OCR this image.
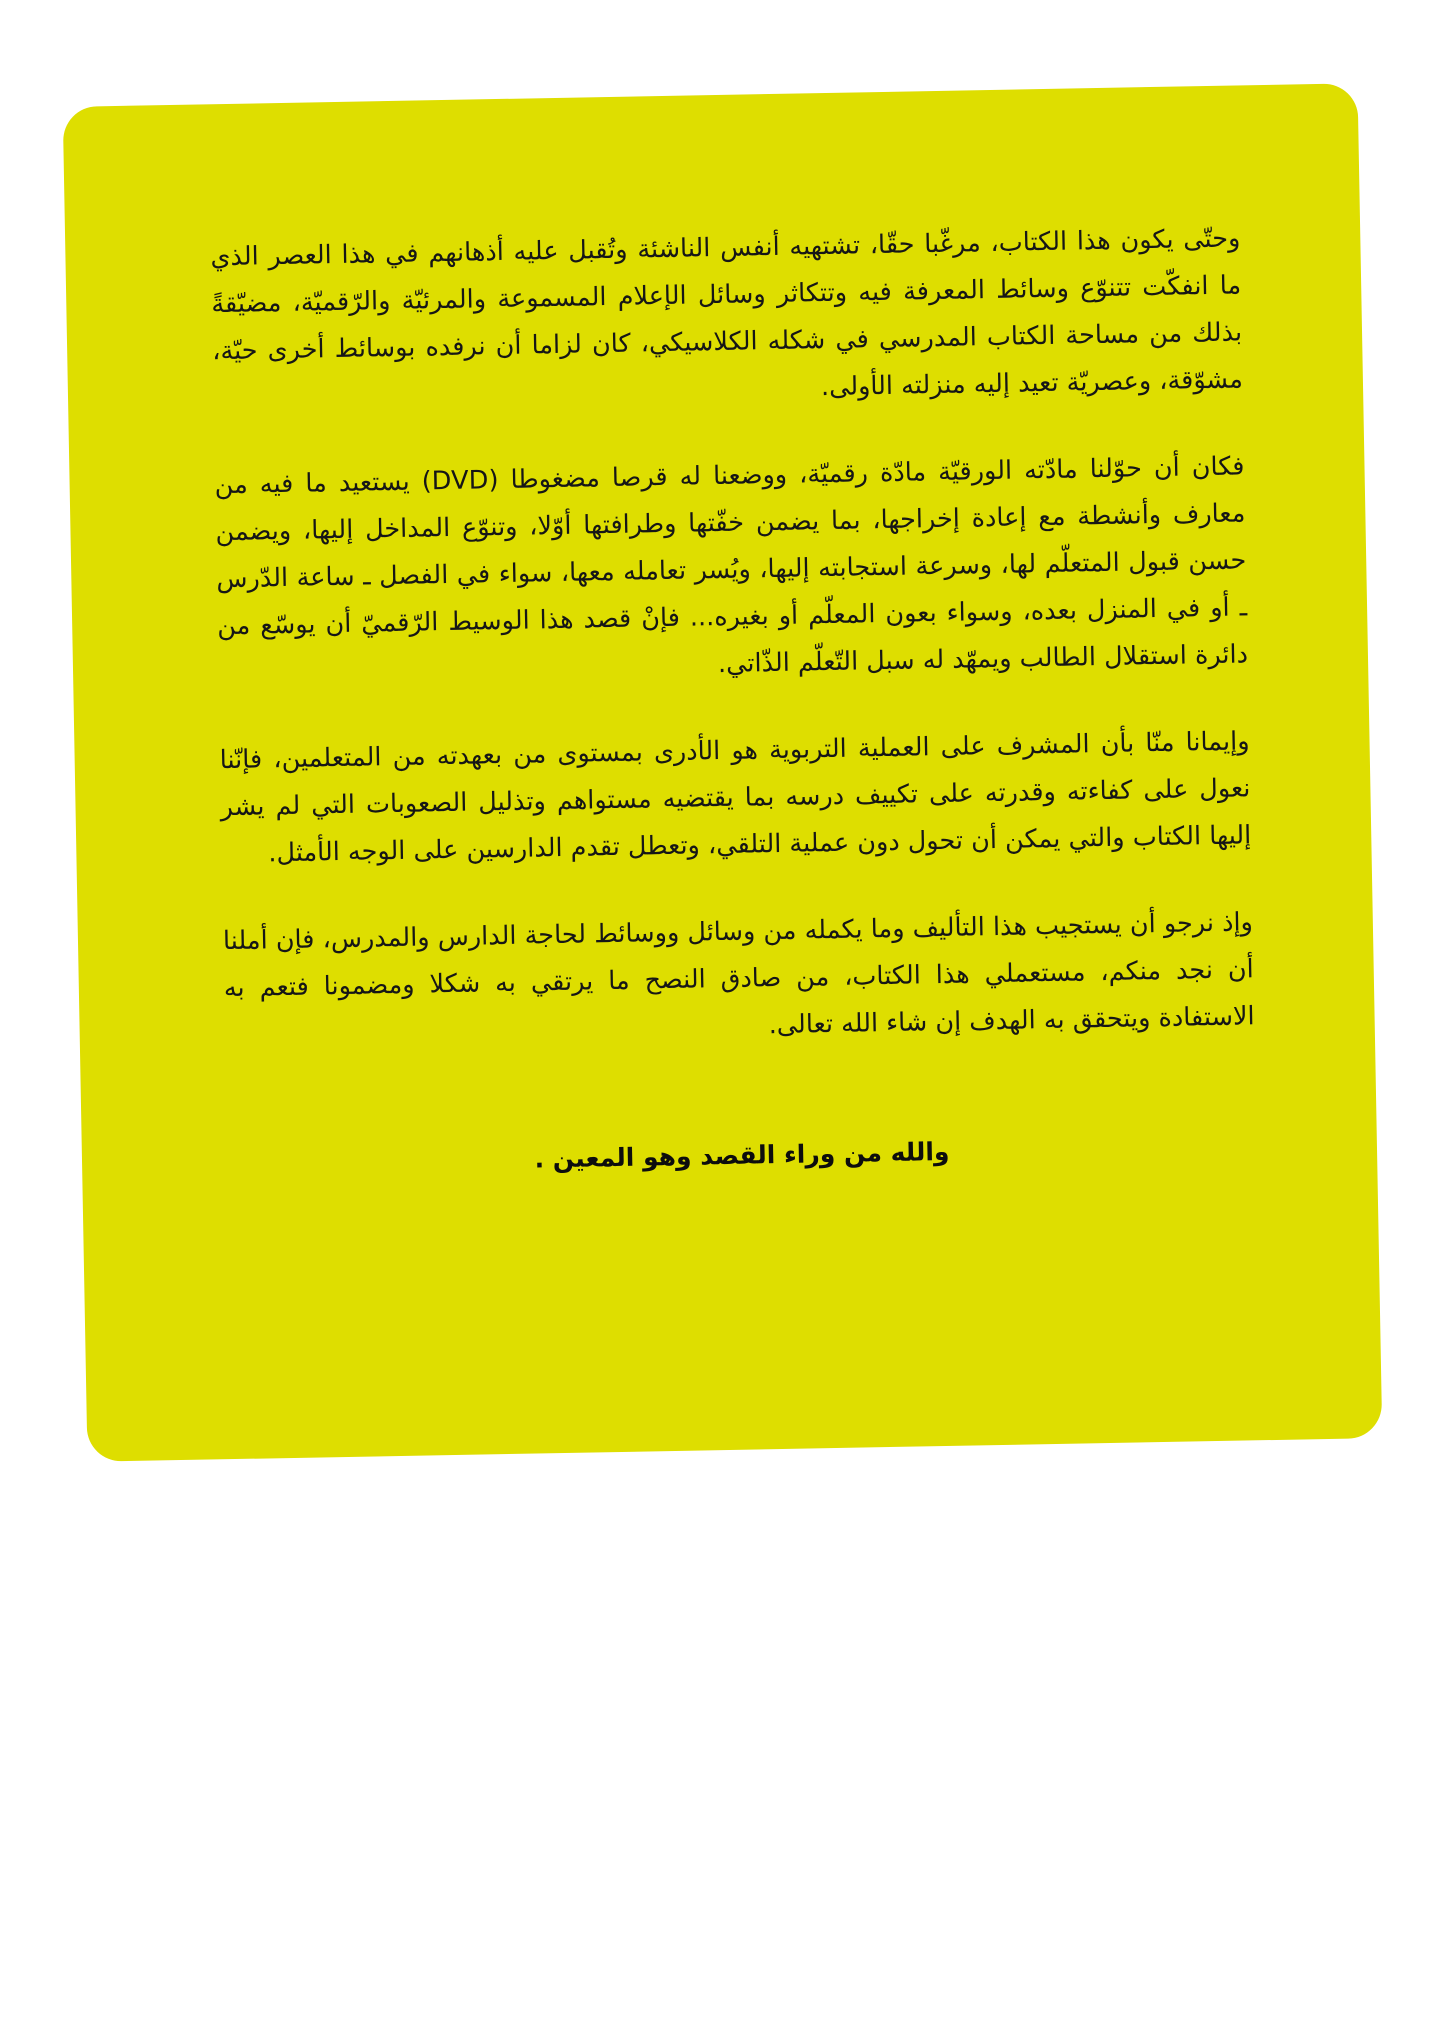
وحتّى يكون هذا الكتاب، مرغّبا حقّا، تشتهيه أنفس الناشئة وتُقبل عليه أذهانهم في هذا العصر الذي ما انفكّت تتنوّع وسائط المعرفة فيه وتتكاثر وسائل الإعلام المسموعة والمرئيّة والرّقميّة، مضيّقةً بذلك من مساحة الكتاب المدرسي في شكله الكلاسيكي، كان لزاما أن نرفده بوسائط أخرى حيّة، مشوّقة، وعصريّة تعيد إليه منزلته الأولى.

فكان أن حوّلنا مادّته الورقيّة مادّة رقميّة، ووضعنا له قرصا مضغوطا (DVD) يستعيد ما فيه من معارف وأنشطة مع إعادة إخراجها، بما يضمن خفّتها وطرافتها أوّلا، وتنوّع المداخل إليها، ويضمن حسن قبول المتعلّم لها، وسرعة استجابته إليها، ويُسر تعامله معها، سواء في الفصل ـ ساعة الدّرس ـ أو في المنزل بعده، وسواء بعون المعلّم أو بغيره... فإنْ قصد هذا الوسيط الرّقميّ أن يوسّع من دائرة استقلال الطالب ويمهّد له سبل التّعلّم الذّاتي.

وإيمانا منّا بأن المشرف على العملية التربوية هو الأدرى بمستوى من بعهدته من المتعلمين، فإنّنا نعول على كفاءته وقدرته على تكييف درسه بما يقتضيه مستواهم وتذليل الصعوبات التي لم يشر إليها الكتاب والتي يمكن أن تحول دون عملية التلقي، وتعطل تقدم الدارسين على الوجه الأمثل.

وإذ نرجو أن يستجيب هذا التأليف وما يكمله من وسائل ووسائط لحاجة الدارس والمدرس، فإن أملنا أن نجد منكم، مستعملي هذا الكتاب، من صادق النصح ما يرتقي به شكلا ومضمونا فتعم به الاستفادة ويتحقق به الهدف إن شاء الله تعالى.

والله من وراء القصد وهو المعين .
